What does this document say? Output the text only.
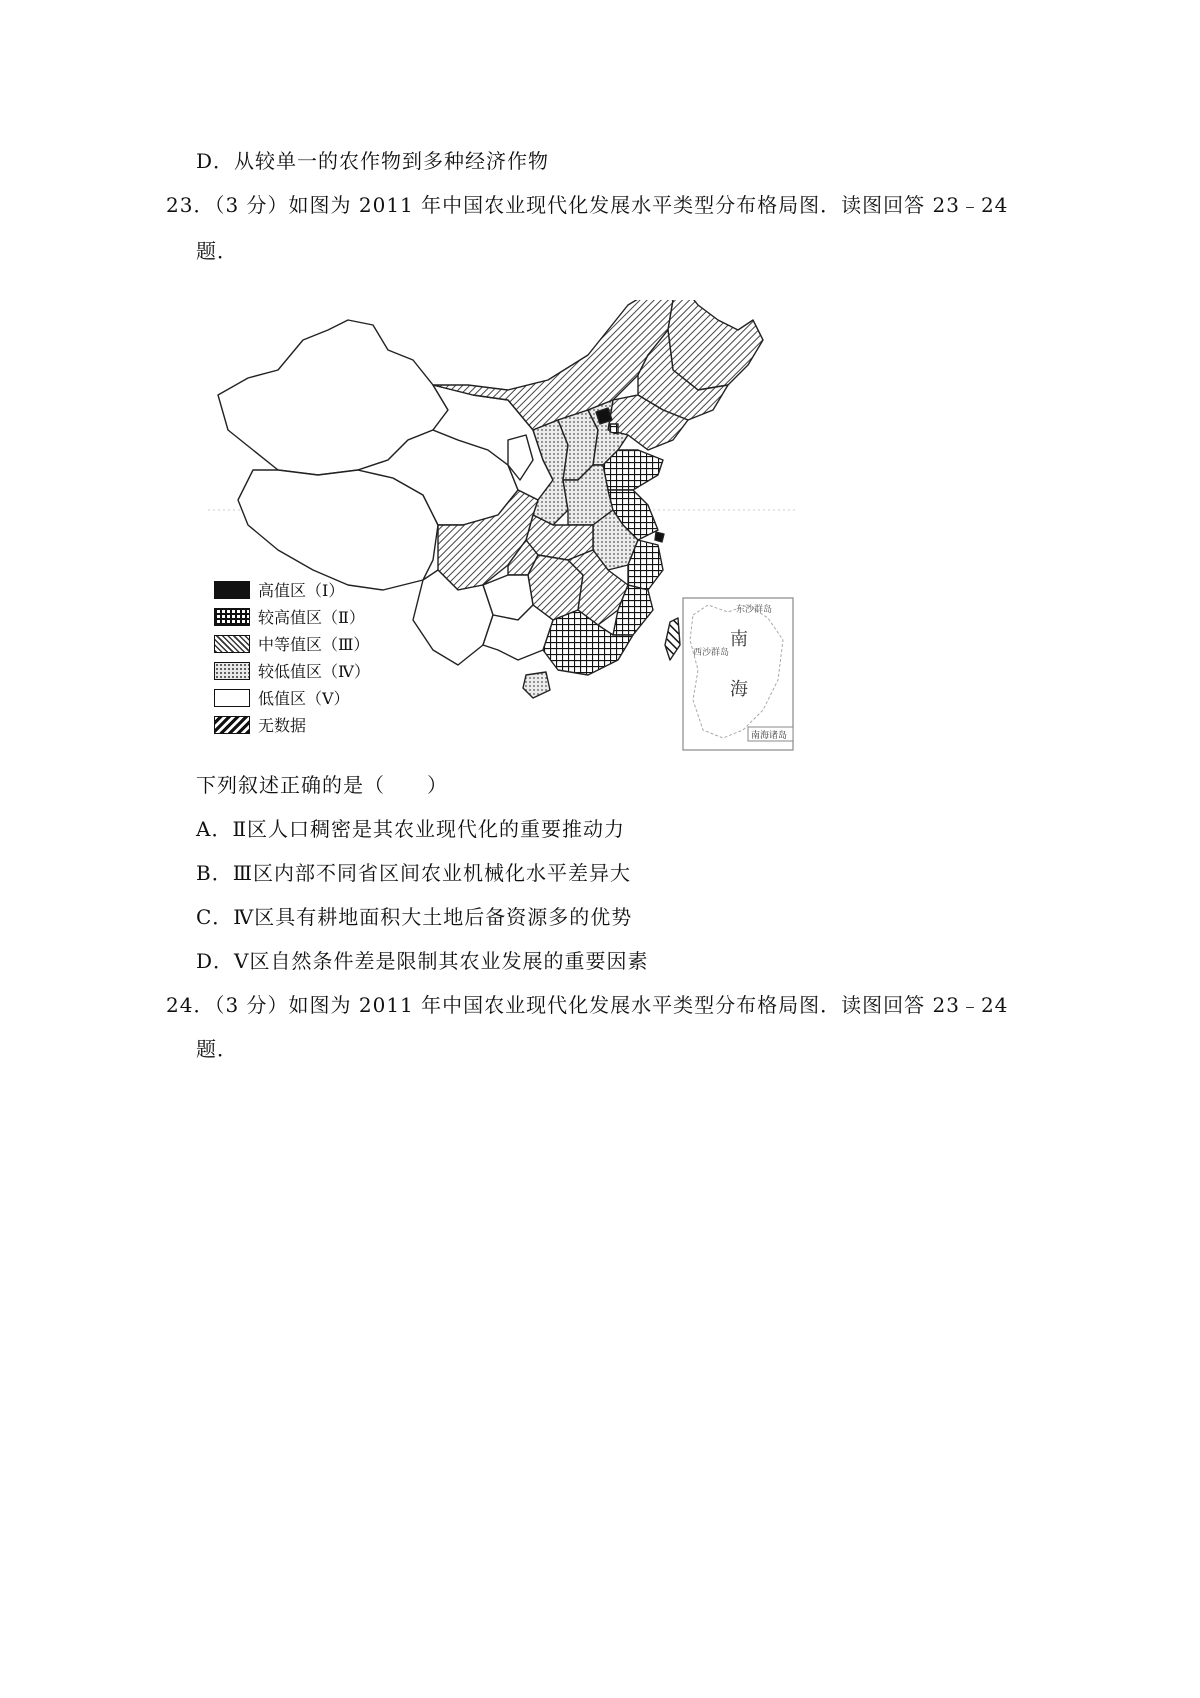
D．从较单一的农作物到多种经济作物
23．（3 分）如图为 2011 年中国农业现代化发展水平类型分布格局图．读图回答 23﹣24
题．
东沙群岛
西沙群岛
南
海
南海诸岛
高值区（Ⅰ）
较高值区（Ⅱ）
中等值区（Ⅲ）
较低值区（Ⅳ）
低值区（Ⅴ）
无数据
下列叙述正确的是（　　）
A．Ⅱ区人口稠密是其农业现代化的重要推动力
B．Ⅲ区内部不同省区间农业机械化水平差异大
C．Ⅳ区具有耕地面积大土地后备资源多的优势
D．Ⅴ区自然条件差是限制其农业发展的重要因素
24．（3 分）如图为 2011 年中国农业现代化发展水平类型分布格局图．读图回答 23﹣24
题．
